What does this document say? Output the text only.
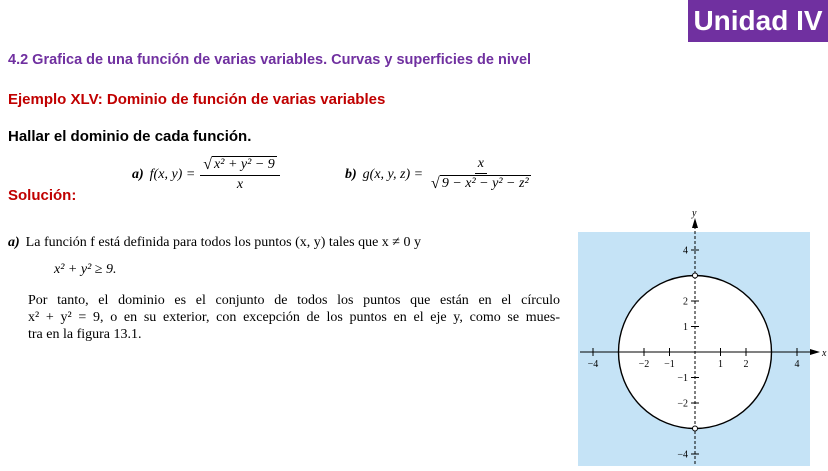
Unidad IV
4.2 Grafica de una función de varias variables. Curvas y superficies de nivel
Ejemplo XLV: Dominio de función de varias variables
Hallar el dominio de cada función.
a) f(x, $y) = \frac{\text{√ x² + y² − 9}}{x}$	b) g(x, y, $z) = \frac{x}{\text{√ 9 − x² − y² − z²}}$
Solución:
a) La función f está definida para todos los puntos (x, y) tales que x ≠ 0 y
x² + y² ≥ 9.

Por tanto, el dominio es el conjunto de todos los puntos que están en el círculo

x² + y² = 9, o en su exterior, con excepción de los puntos en el eje y, como se mues-

tra en la figura 13.1.

x
y
−4	−2 −1	1 2	4
4
2
1
−1
−2
−4
